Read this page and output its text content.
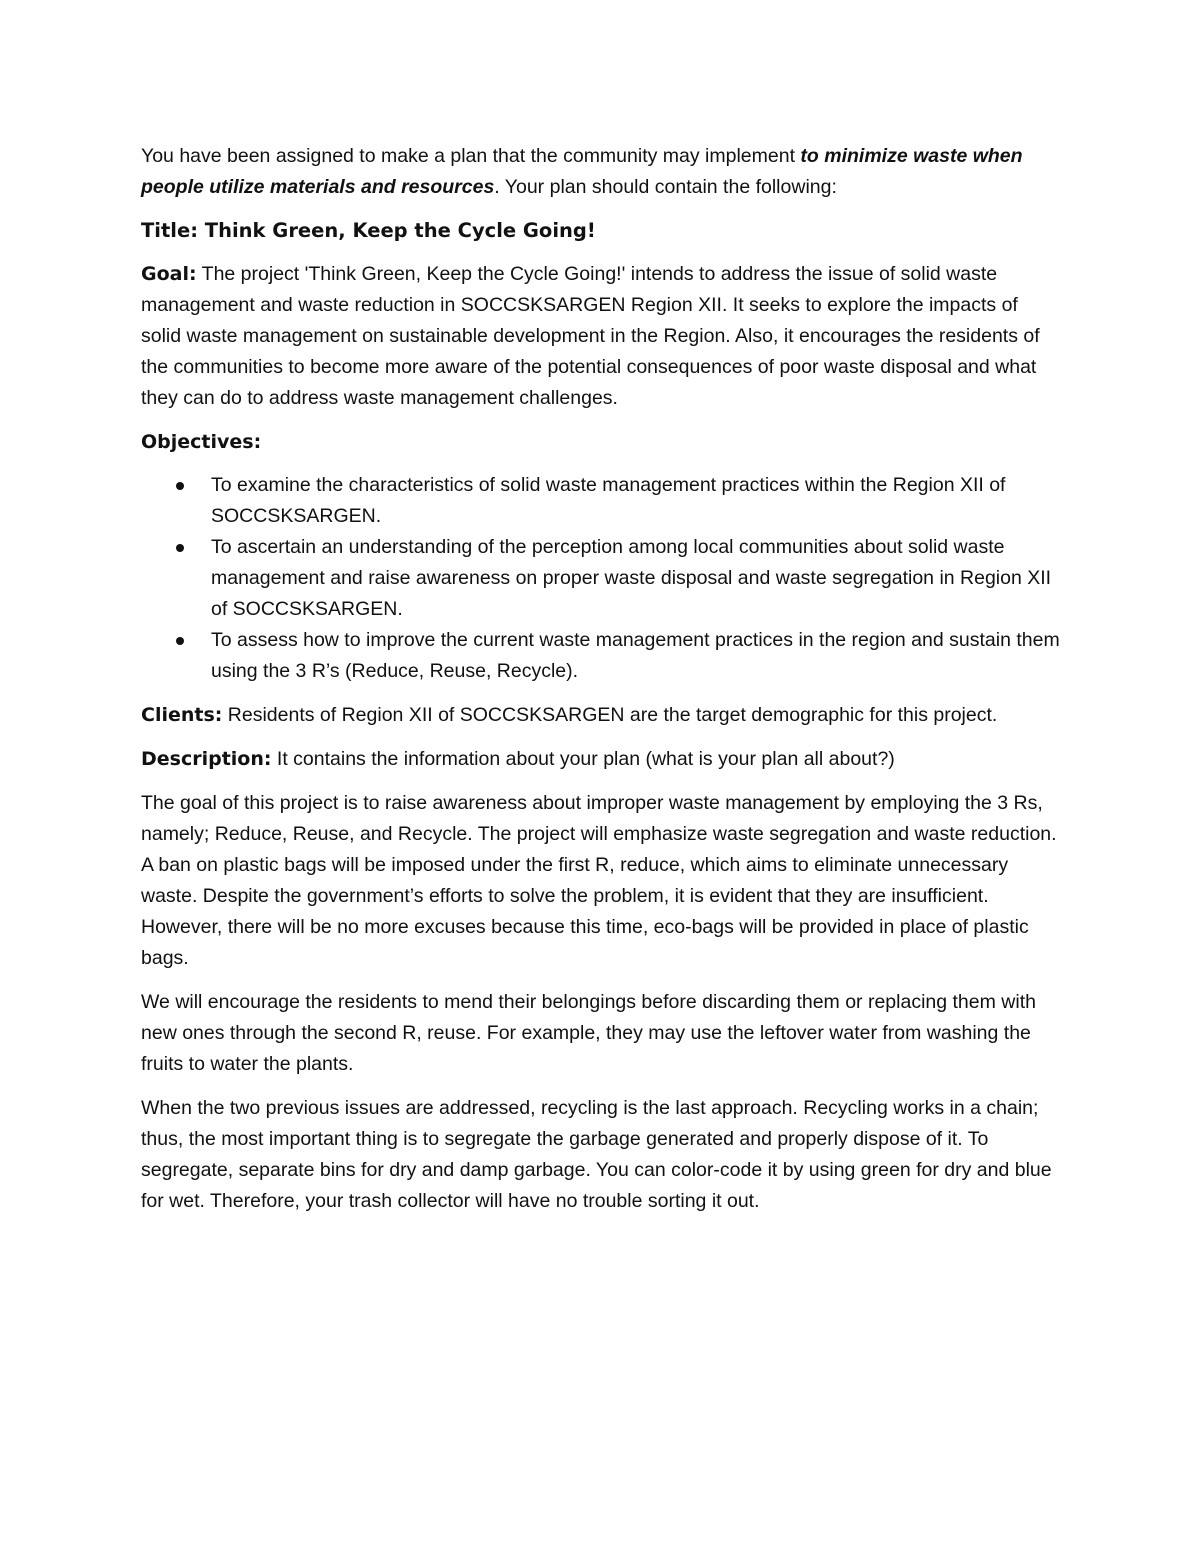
You have been assigned to make a plan that the community may implement to minimize waste when people utilize materials and resources. Your plan should contain the following:

Title: Think Green, Keep the Cycle Going!

Goal: The project 'Think Green, Keep the Cycle Going!' intends to address the issue of solid waste management and waste reduction in SOCCSKSARGEN Region XII. It seeks to explore the impacts of solid waste management on sustainable development in the Region. Also, it encourages the residents of the communities to become more aware of the potential consequences of poor waste disposal and what they can do to address waste management challenges.

Objectives:

To examine the characteristics of solid waste management practices within the Region XII of SOCCSKSARGEN.
To ascertain an understanding of the perception among local communities about solid waste management and raise awareness on proper waste disposal and waste segregation in Region XII of SOCCSKSARGEN.
To assess how to improve the current waste management practices in the region and sustain them using the 3 R’s (Reduce, Reuse, Recycle).

Clients: Residents of Region XII of SOCCSKSARGEN are the target demographic for this project.

Description: It contains the information about your plan (what is your plan all about?)

The goal of this project is to raise awareness about improper waste management by employing the 3 Rs, namely; Reduce, Reuse, and Recycle. The project will emphasize waste segregation and waste reduction. A ban on plastic bags will be imposed under the first R, reduce, which aims to eliminate unnecessary waste. Despite the government’s efforts to solve the problem, it is evident that they are insufficient. However, there will be no more excuses because this time, eco-bags will be provided in place of plastic bags.

We will encourage the residents to mend their belongings before discarding them or replacing them with new ones through the second R, reuse. For example, they may use the leftover water from washing the fruits to water the plants.

When the two previous issues are addressed, recycling is the last approach. Recycling works in a chain; thus, the most important thing is to segregate the garbage generated and properly dispose of it. To segregate, separate bins for dry and damp garbage. You can color-code it by using green for dry and blue for wet. Therefore, your trash collector will have no trouble sorting it out.
